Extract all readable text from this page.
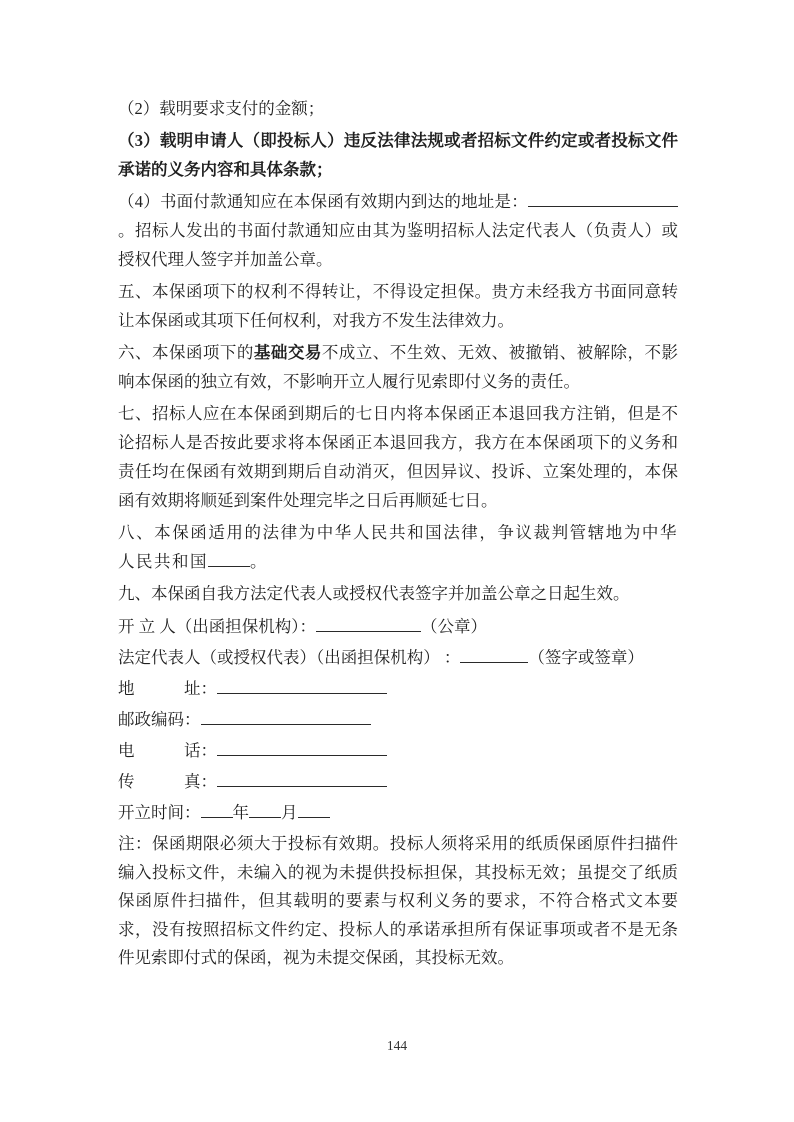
（2）载明要求支付的金额；

（3）载明申请人（即投标人）违反法律法规或者招标文件约定或者投标文件承诺的义务内容和具体条款；

（4）书面付款通知应在本保函有效期内到达的地址是：。招标人发出的书面付款通知应由其为鉴明招标人法定代表人（负责人）或授权代理人签字并加盖公章。

五、本保函项下的权利不得转让，不得设定担保。贵方未经我方书面同意转让本保函或其项下任何权利，对我方不发生法律效力。

六、本保函项下的基础交易不成立、不生效、无效、被撤销、被解除，不影响本保函的独立有效，不影响开立人履行见索即付义务的责任。

七、招标人应在本保函到期后的七日内将本保函正本退回我方注销，但是不论招标人是否按此要求将本保函正本退回我方，我方在本保函项下的义务和责任均在保函有效期到期后自动消灭，但因异议、投诉、立案处理的，本保函有效期将顺延到案件处理完毕之日后再顺延七日。

八、本保函适用的法律为中华人民共和国法律，争议裁判管辖地为中华人民共和国	。

九、本保函自我方法定代表人或授权代表签字并加盖公章之日起生效。

开 立 人（出函担保机构）：	（公章）

法定代表人（或授权代表）（出函担保机构） ：	（签字或签章）

地　　　址：

邮政编码：

电　　　话：

传　　　真：

开立时间： 年 月

注：保函期限必须大于投标有效期。投标人须将采用的纸质保函原件扫描件编入投标文件，未编入的视为未提供投标担保，其投标无效；虽提交了纸质保函原件扫描件，但其载明的要素与权利义务的要求，不符合格式文本要求，没有按照招标文件约定、投标人的承诺承担所有保证事项或者不是无条件见索即付式的保函，视为未提交保函，其投标无效。

144
